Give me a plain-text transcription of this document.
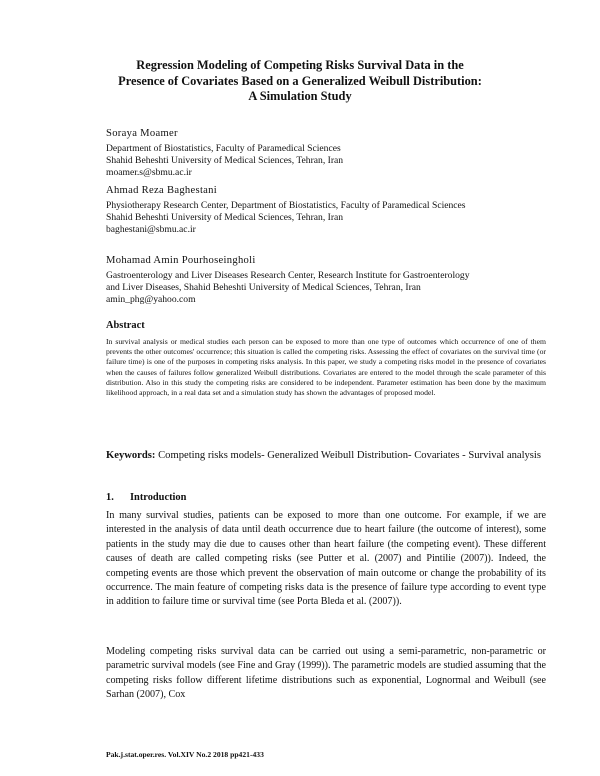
Regression Modeling of Competing Risks Survival Data in the
Presence of Covariates Based on a Generalized Weibull Distribution:
A Simulation Study
Soraya Moamer
Department of Biostatistics, Faculty of Paramedical Sciences
Shahid Beheshti University of Medical Sciences, Tehran, Iran
moamer.s@sbmu.ac.ir
Ahmad Reza Baghestani
Physiotherapy Research Center, Department of Biostatistics, Faculty of Paramedical Sciences
Shahid Beheshti University of Medical Sciences, Tehran, Iran
baghestani@sbmu.ac.ir
Mohamad Amin Pourhoseingholi
Gastroenterology and Liver Diseases Research Center, Research Institute for Gastroenterology
and Liver Diseases, Shahid Beheshti University of Medical Sciences, Tehran, Iran
amin_phg@yahoo.com
Abstract
In survival analysis or medical studies each person can be exposed to more than one type of outcomes which occurrence of one of them prevents the other outcomes' occurrence; this situation is called the competing risks. Assessing the effect of covariates on the survival time (or failure time) is one of the purposes in competing risks analysis. In this paper, we study a competing risks model in the presence of covariates when the causes of failures follow generalized Weibull distributions. Covariates are entered to the model through the scale parameter of this distribution. Also in this study the competing risks are considered to be independent. Parameter estimation has been done by the maximum likelihood approach, in a real data set and a simulation study has shown the advantages of proposed model.
Keywords: Competing risks models- Generalized Weibull Distribution- Covariates - Survival analysis
1. Introduction
In many survival studies, patients can be exposed to more than one outcome. For example, if we are interested in the analysis of data until death occurrence due to heart failure (the outcome of interest), some patients in the study may die due to causes other than heart failure (the competing event). These different causes of death are called competing risks (see Putter et al. (2007) and Pintilie (2007)). Indeed, the competing events are those which prevent the observation of main outcome or change the probability of its occurrence. The main feature of competing risks data is the presence of failure type according to event type in addition to failure time or survival time (see Porta Bleda et al. (2007)).
Modeling competing risks survival data can be carried out using a semi-parametric, non-parametric or parametric survival models (see Fine and Gray (1999)). The parametric models are studied assuming that the competing risks follow different lifetime distributions such as exponential, Lognormal and Weibull (see Sarhan (2007), Cox
Pak.j.stat.oper.res. Vol.XIV No.2 2018 pp421-433
